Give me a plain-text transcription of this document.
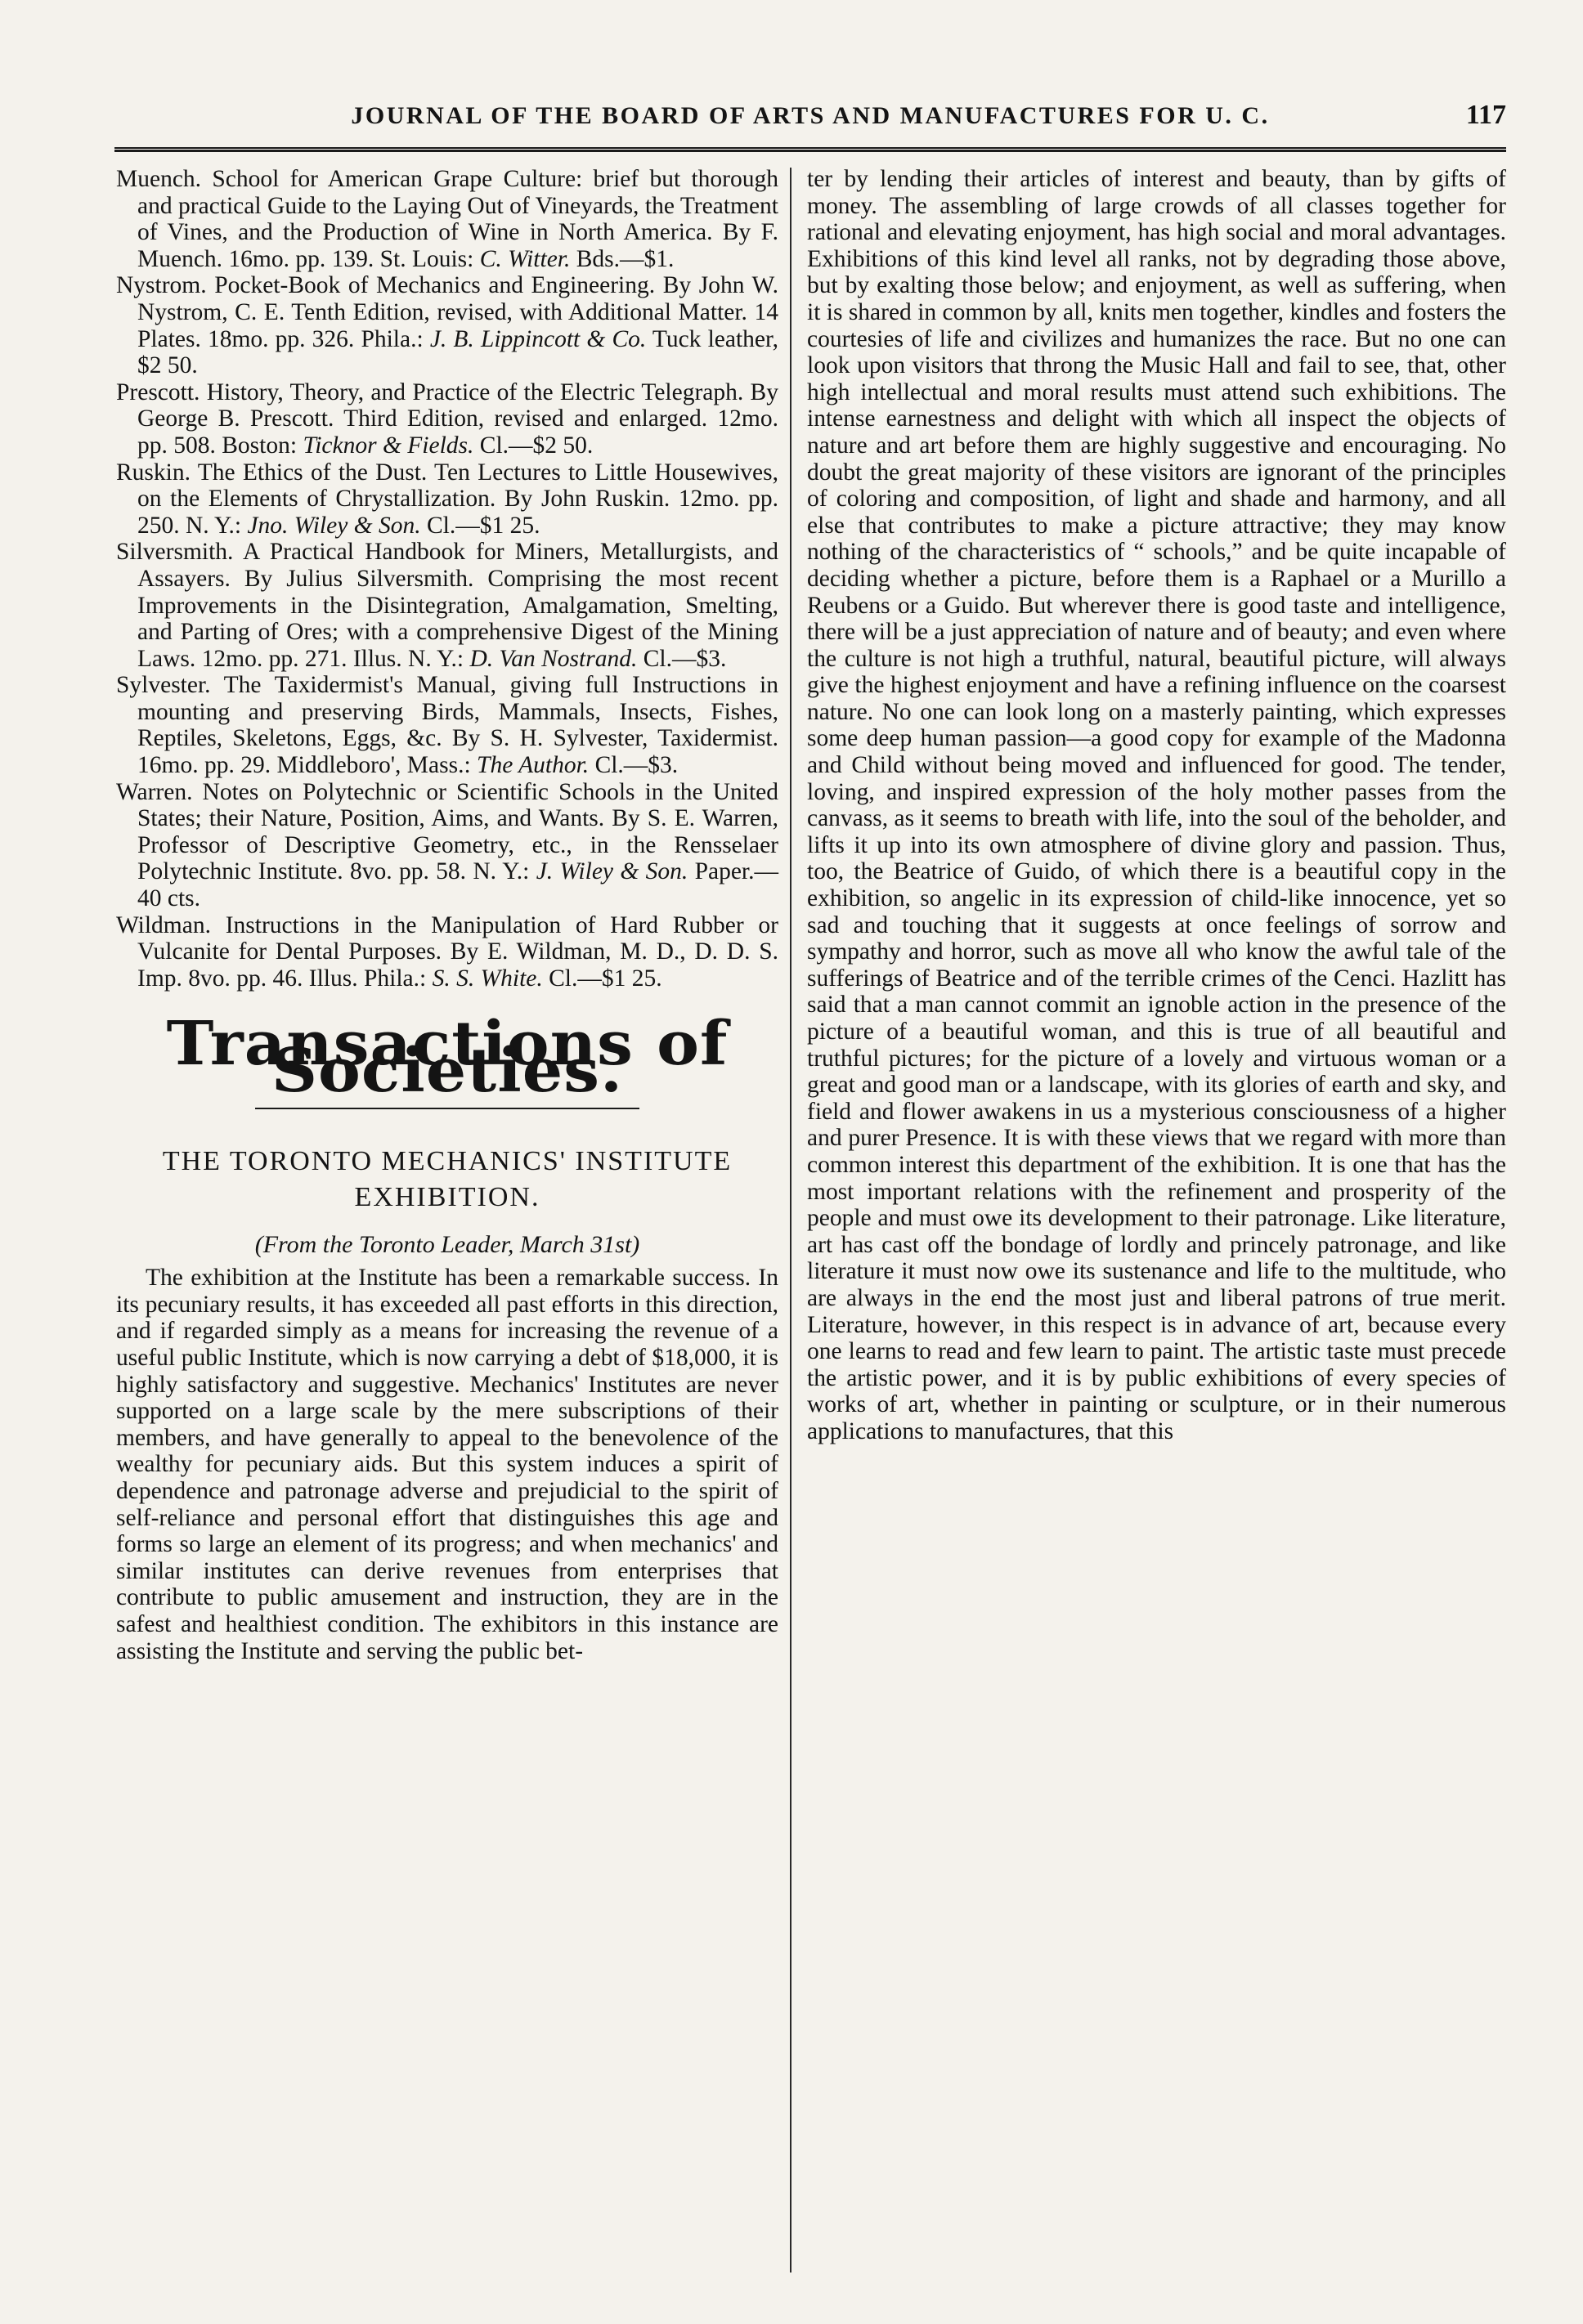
JOURNAL OF THE BOARD OF ARTS AND MANUFACTURES FOR U. C.	117

Muench. School for American Grape Culture: brief but thorough and practical Guide to the Laying Out of Vineyards, the Treatment of Vines, and the Production of Wine in North America. By F. Muench. 16mo. pp. 139. St. Louis: C. Witter. Bds.—$1.

Nystrom. Pocket-Book of Mechanics and Engineering. By John W. Nystrom, C. E. Tenth Edition, revised, with Additional Matter. 14 Plates. 18mo. pp. 326. Phila.: J. B. Lippincott & Co. Tuck leather, $2 50.

Prescott. History, Theory, and Practice of the Electric Telegraph. By George B. Prescott. Third Edition, revised and enlarged. 12mo. pp. 508. Boston: Ticknor & Fields. Cl.—$2 50.

Ruskin. The Ethics of the Dust. Ten Lectures to Little Housewives, on the Elements of Chrystallization. By John Ruskin. 12mo. pp. 250. N. Y.: Jno. Wiley & Son. Cl.—$1 25.

Silversmith. A Practical Handbook for Miners, Metallurgists, and Assayers. By Julius Silversmith. Comprising the most recent Improvements in the Disintegration, Amalgamation, Smelting, and Parting of Ores; with a comprehensive Digest of the Mining Laws. 12mo. pp. 271. Illus. N. Y.: D. Van Nostrand. Cl.—$3.

Sylvester. The Taxidermist's Manual, giving full Instructions in mounting and preserving Birds, Mammals, Insects, Fishes, Reptiles, Skeletons, Eggs, &c. By S. H. Sylvester, Taxidermist. 16mo. pp. 29. Middleboro', Mass.: The Author. Cl.—$3.

Warren. Notes on Polytechnic or Scientific Schools in the United States; their Nature, Position, Aims, and Wants. By S. E. Warren, Professor of Descriptive Geometry, etc., in the Rensselaer Polytechnic Institute. 8vo. pp. 58. N. Y.: J. Wiley & Son. Paper.—40 cts.

Wildman. Instructions in the Manipulation of Hard Rubber or Vulcanite for Dental Purposes. By E. Wildman, M. D., D. D. S. Imp. 8vo. pp. 46. Illus. Phila.: S. S. White. Cl.—$1 25.

Transactions of Societies.

THE TORONTO MECHANICS' INSTITUTE EXHIBITION.

(From the Toronto Leader, March 31st)

The exhibition at the Institute has been a remarkable success. In its pecuniary results, it has exceeded all past efforts in this direction, and if regarded simply as a means for increasing the revenue of a useful public Institute, which is now carrying a debt of $18,000, it is highly satisfactory and suggestive. Mechanics' Institutes are never supported on a large scale by the mere subscriptions of their members, and have generally to appeal to the benevolence of the wealthy for pecuniary aids. But this system induces a spirit of dependence and patronage adverse and prejudicial to the spirit of self-reliance and personal effort that distinguishes this age and forms so large an element of its progress; and when mechanics' and similar institutes can derive revenues from enterprises that contribute to public amusement and instruction, they are in the safest and healthiest condition. The exhibitors in this instance are assisting the Institute and serving the public bet-

ter by lending their articles of interest and beauty, than by gifts of money. The assembling of large crowds of all classes together for rational and elevating enjoyment, has high social and moral advantages. Exhibitions of this kind level all ranks, not by degrading those above, but by exalting those below; and enjoyment, as well as suffering, when it is shared in common by all, knits men together, kindles and fosters the courtesies of life and civilizes and humanizes the race. But no one can look upon visitors that throng the Music Hall and fail to see, that, other high intellectual and moral results must attend such exhibitions. The intense earnestness and delight with which all inspect the objects of nature and art before them are highly suggestive and encouraging. No doubt the great majority of these visitors are ignorant of the principles of coloring and composition, of light and shade and harmony, and all else that contributes to make a picture attractive; they may know nothing of the characteristics of “ schools,” and be quite incapable of deciding whether a picture, before them is a Raphael or a Murillo a Reubens or a Guido. But wherever there is good taste and intelligence, there will be a just appreciation of nature and of beauty; and even where the culture is not high a truthful, natural, beautiful picture, will always give the highest enjoyment and have a refining influence on the coarsest nature. No one can look long on a masterly painting, which expresses some deep human passion—a good copy for example of the Madonna and Child without being moved and influenced for good. The tender, loving, and inspired expression of the holy mother passes from the canvass, as it seems to breath with life, into the soul of the beholder, and lifts it up into its own atmosphere of divine glory and passion. Thus, too, the Beatrice of Guido, of which there is a beautiful copy in the exhibition, so angelic in its expression of child-like innocence, yet so sad and touching that it suggests at once feelings of sorrow and sympathy and horror, such as move all who know the awful tale of the sufferings of Beatrice and of the terrible crimes of the Cenci. Hazlitt has said that a man cannot commit an ignoble action in the presence of the picture of a beautiful woman, and this is true of all beautiful and truthful pictures; for the picture of a lovely and virtuous woman or a great and good man or a landscape, with its glories of earth and sky, and field and flower awakens in us a mysterious consciousness of a higher and purer Presence. It is with these views that we regard with more than common interest this department of the exhibition. It is one that has the most important relations with the refinement and prosperity of the people and must owe its development to their patronage. Like literature, art has cast off the bondage of lordly and princely patronage, and like literature it must now owe its sustenance and life to the multitude, who are always in the end the most just and liberal patrons of true merit. Literature, however, in this respect is in advance of art, because every one learns to read and few learn to paint. The artistic taste must precede the artistic power, and it is by public exhibitions of every species of works of art, whether in painting or sculpture, or in their numerous applications to manufactures, that this
